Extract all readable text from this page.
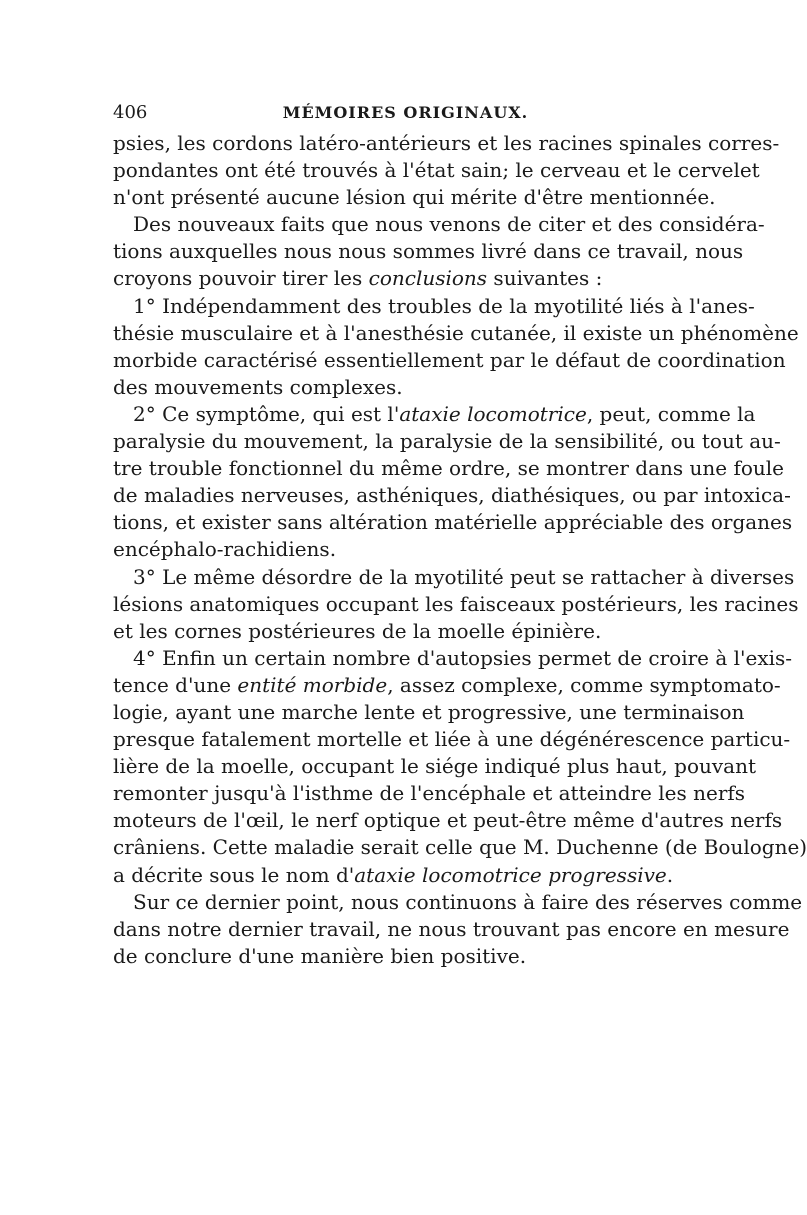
406	MÉMOIRES ORIGINAUX.
psies, les cordons latéro-antérieurs et les racines spinales corres-
pondantes ont été trouvés à l'état sain; le cerveau et le cervelet
n'ont présenté aucune lésion qui mérite d'être mentionnée.
Des nouveaux faits que nous venons de citer et des considéra-
tions auxquelles nous nous sommes livré dans ce travail, nous
croyons pouvoir tirer les conclusions suivantes :
1° Indépendamment des troubles de la myotilité liés à l'anes-
thésie musculaire et à l'anesthésie cutanée, il existe un phénomène
morbide caractérisé essentiellement par le défaut de coordination
des mouvements complexes.
2° Ce symptôme, qui est l'ataxie locomotrice, peut, comme la
paralysie du mouvement, la paralysie de la sensibilité, ou tout au-
tre trouble fonctionnel du même ordre, se montrer dans une foule
de maladies nerveuses, asthéniques, diathésiques, ou par intoxica-
tions, et exister sans altération matérielle appréciable des organes
encéphalo-rachidiens.
3° Le même désordre de la myotilité peut se rattacher à diverses
lésions anatomiques occupant les faisceaux postérieurs, les racines
et les cornes postérieures de la moelle épinière.
4° Enfin un certain nombre d'autopsies permet de croire à l'exis-
tence d'une entité morbide, assez complexe, comme symptomato-
logie, ayant une marche lente et progressive, une terminaison
presque fatalement mortelle et liée à une dégénérescence particu-
lière de la moelle, occupant le siége indiqué plus haut, pouvant
remonter jusqu'à l'isthme de l'encéphale et atteindre les nerfs
moteurs de l'œil, le nerf optique et peut-être même d'autres nerfs
crâniens. Cette maladie serait celle que M. Duchenne (de Boulogne)
a décrite sous le nom d'ataxie locomotrice progressive.
Sur ce dernier point, nous continuons à faire des réserves comme
dans notre dernier travail, ne nous trouvant pas encore en mesure
de conclure d'une manière bien positive.
